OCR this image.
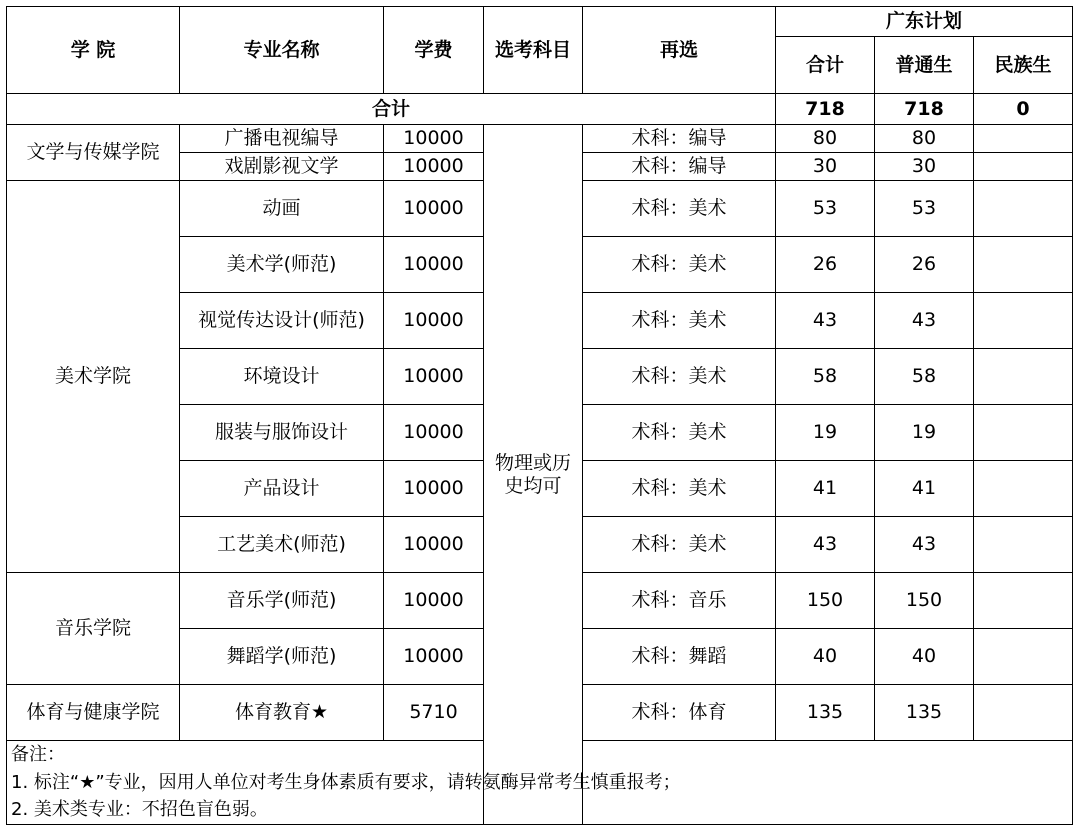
学 院	专业名称	学费	选考科目	再选	广东计划		
					合计	普通生	民族生
合计					718	718	0
文学与传媒学院	广播电视编导	10000	物理或历史均可	术科：编导	80	80	
	戏剧影视文学	10000		术科：编导	30	30	
美术学院	动画	10000		术科：美术	53	53	
	美术学(师范)	10000		术科：美术	26	26	
	视觉传达设计(师范)	10000		术科：美术	43	43	
	环境设计	10000		术科：美术	58	58	
	服装与服饰设计	10000		术科：美术	19	19	
	产品设计	10000		术科：美术	41	41	
	工艺美术(师范)	10000		术科：美术	43	43	
音乐学院	音乐学(师范)	10000		术科：音乐	150	150	
	舞蹈学(师范)	10000		术科：舞蹈	40	40	
体育与健康学院	体育教育★	5710		术科：体育	135	135	
备注：							
1. 标注“★”专业，因用人单位对考生身体素质有要求，请转氨酶异常考生慎重报考；							
2. 美术类专业：不招色盲色弱。							
